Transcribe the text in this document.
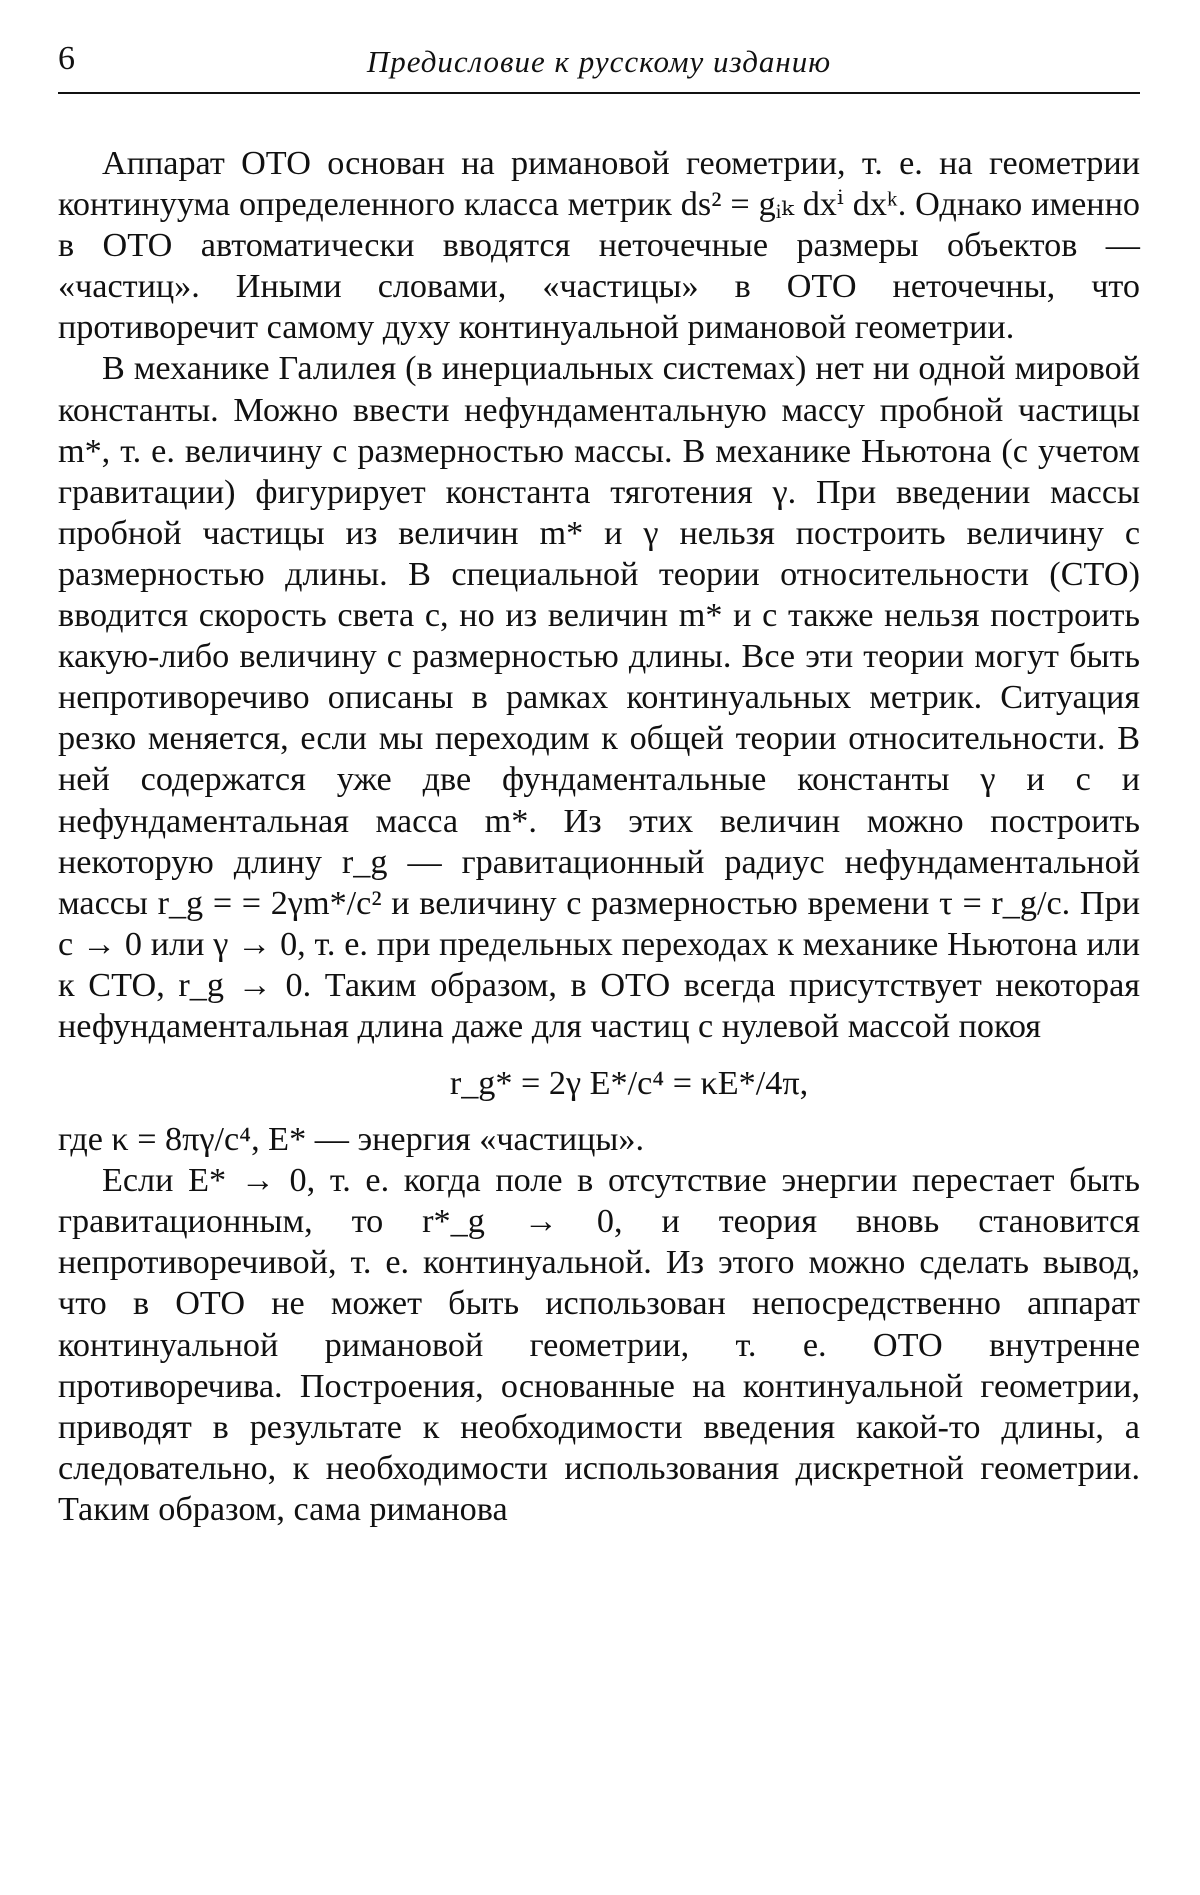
6	Предисловие к русскому изданию

Аппарат ОТО основан на римановой геометрии, т. е. на геометрии континуума определенного класса метрик ds² = gᵢₖ dxⁱ dxᵏ. Однако именно в ОТО автоматически вводятся неточечные размеры объектов — «частиц». Иными словами, «частицы» в ОТО неточечны, что противоречит самому духу континуальной римановой геометрии.

В механике Галилея (в инерциальных системах) нет ни одной мировой константы. Можно ввести нефундаментальную массу пробной частицы m*, т. е. величину с размерностью массы. В механике Ньютона (с учетом гравитации) фигурирует константа тяготения γ. При введении массы пробной частицы из величин m* и γ нельзя построить величину с размерностью длины. В специальной теории относительности (СТО) вводится скорость света c, но из величин m* и c также нельзя построить какую-либо величину с размерностью длины. Все эти теории могут быть непротиворечиво описаны в рамках континуальных метрик. Ситуация резко меняется, если мы переходим к общей теории относительности. В ней содержатся уже две фундаментальные константы γ и c и нефундаментальная масса m*. Из этих величин можно построить некоторую длину r_g — гравитационный радиус нефундаментальной массы r_g = = 2γm*/c² и величину с размерностью времени τ = r_g/c. При c → 0 или γ → 0, т. е. при предельных переходах к механике Ньютона или к СТО, r_g → 0. Таким образом, в ОТО всегда присутствует некоторая нефундаментальная длина даже для частиц с нулевой массой покоя

r_g* = 2γ E*/c⁴ = κE*/4π,

где κ = 8πγ/c⁴, E* — энергия «частицы».

Если E* → 0, т. е. когда поле в отсутствие энергии перестает быть гравитационным, то r*_g → 0, и теория вновь становится непротиворечивой, т. е. континуальной. Из этого можно сделать вывод, что в ОТО не может быть использован непосредственно аппарат континуальной римановой геометрии, т. е. ОТО внутренне противоречива. Построения, основанные на континуальной геометрии, приводят в результате к необходимости введения какой-то длины, а следовательно, к необходимости использования дискретной геометрии. Таким образом, сама риманова
